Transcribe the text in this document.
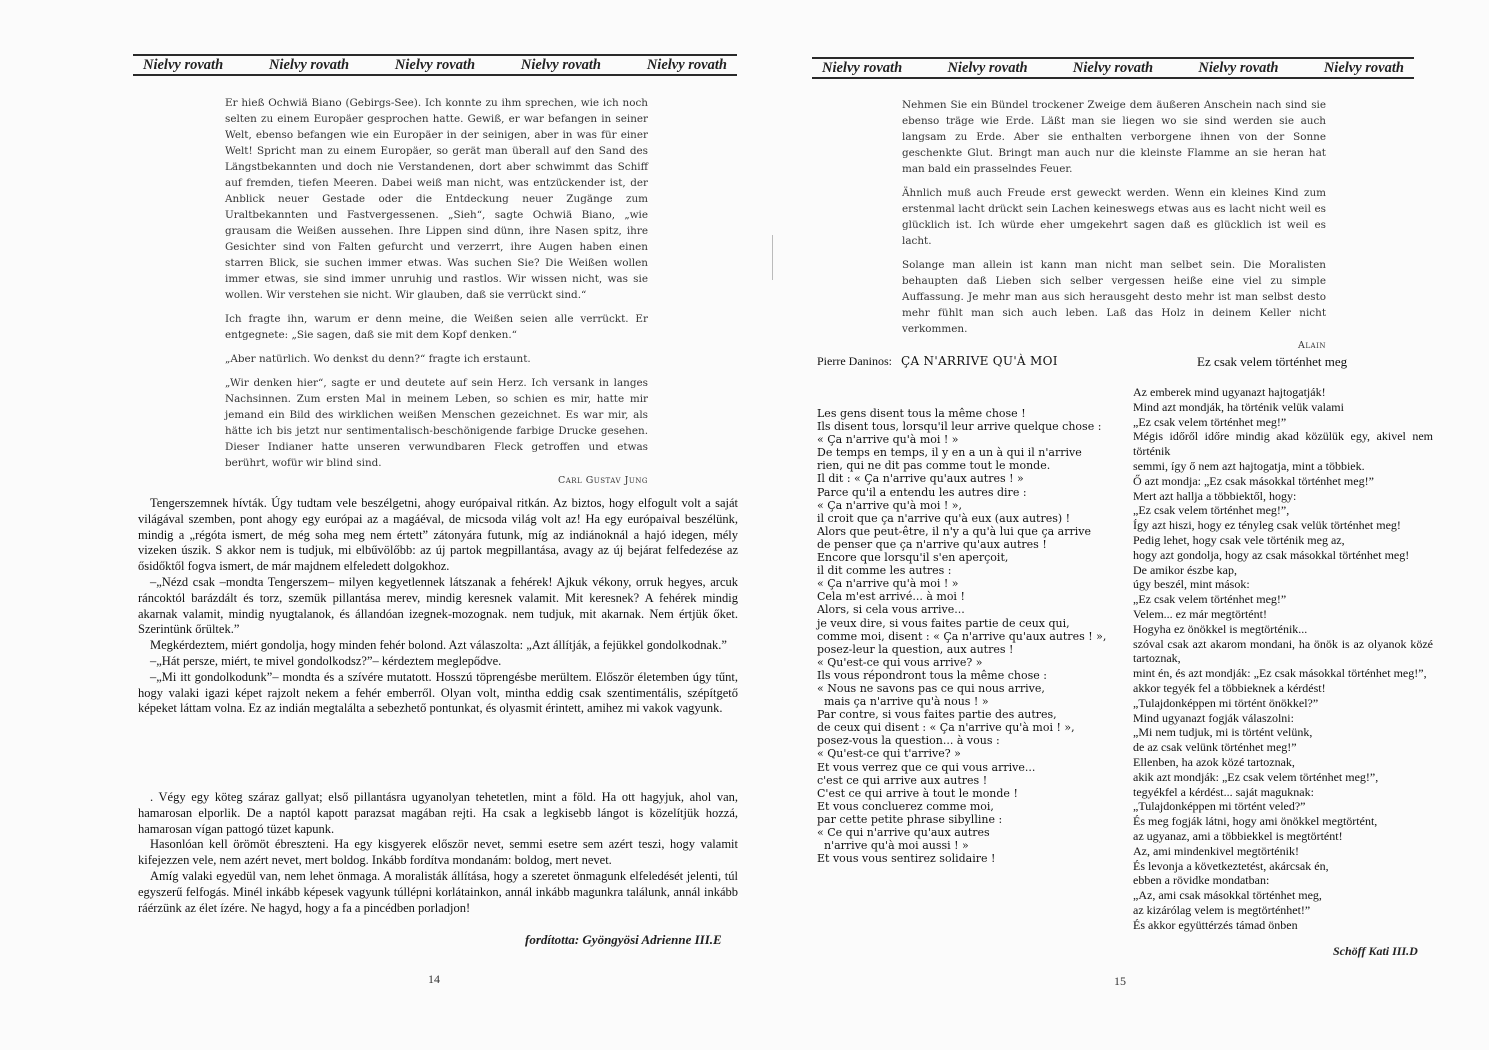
Nielvy rovath	Nielvy rovath	Nielvy rovath	Nielvy rovath	Nielvy rovath

Er hieß Ochwiä Biano (Gebirgs-See). Ich konnte zu ihm sprechen, wie ich noch selten zu einem Europäer gesprochen hatte. Gewiß, er war befangen in seiner Welt, ebenso befangen wie ein Europäer in der seinigen, aber in was für einer Welt! Spricht man zu einem Europäer, so gerät man überall auf den Sand des Längstbekannten und doch nie Verstandenen, dort aber schwimmt das Schiff auf fremden, tiefen Meeren. Dabei weiß man nicht, was entzückender ist, der Anblick neuer Gestade oder die Entdeckung neuer Zugänge zum Uraltbekannten und Fastvergessenen. „Sieh“, sagte Ochwiä Biano, „wie grausam die Weißen aussehen. Ihre Lippen sind dünn, ihre Nasen spitz, ihre Gesichter sind von Falten gefurcht und verzerrt, ihre Augen haben einen starren Blick, sie suchen immer etwas. Was suchen Sie? Die Weißen wollen immer etwas, sie sind immer unruhig und rastlos. Wir wissen nicht, was sie wollen. Wir verstehen sie nicht. Wir glauben, daß sie verrückt sind.“

Ich fragte ihn, warum er denn meine, die Weißen seien alle verrückt. Er entgegnete: „Sie sagen, daß sie mit dem Kopf denken.“

„Aber natürlich. Wo denkst du denn?“ fragte ich erstaunt.

„Wir denken hier“, sagte er und deutete auf sein Herz. Ich versank in langes Nachsinnen. Zum ersten Mal in meinem Leben, so schien es mir, hatte mir jemand ein Bild des wirklichen weißen Menschen gezeichnet. Es war mir, als hätte ich bis jetzt nur sentimentalisch-beschönigende farbige Drucke gesehen. Dieser Indianer hatte unseren verwundbaren Fleck getroffen und etwas berührt, wofür wir blind sind.

Carl Gustav Jung

Tengerszemnek hívták. Úgy tudtam vele beszélgetni, ahogy európaival ritkán. Az biztos, hogy elfogult volt a saját világával szemben, pont ahogy egy európai az a magáéval, de micsoda világ volt az! Ha egy európaival beszélünk, mindig a „régóta ismert, de még soha meg nem értett” zátonyára futunk, míg az indiánoknál a hajó idegen, mély vizeken úszik. S akkor nem is tudjuk, mi elbűvölőbb: az új partok megpillantása, avagy az új bejárat felfedezése az ősidőktől fogva ismert, de már majdnem elfeledett dolgokhoz.

–„Nézd csak –mondta Tengerszem– milyen kegyetlennek látszanak a fehérek! Ajkuk vékony, orruk hegyes, arcuk ráncoktól barázdált és torz, szemük pillantása merev, mindig keresnek valamit. Mit keresnek? A fehérek mindig akarnak valamit, mindig nyugtalanok, és állandóan izegnek-mozognak. nem tudjuk, mit akarnak. Nem értjük őket. Szerintünk őrültek.”

Megkérdeztem, miért gondolja, hogy minden fehér bolond. Azt válaszolta: „Azt állítják, a fejükkel gondolkodnak.”

–„Hát persze, miért, te mivel gondolkodsz?”– kérdeztem meglepődve.

–„Mi itt gondolkodunk”– mondta és a szívére mutatott. Hosszú töprengésbe merültem. Először életemben úgy tűnt, hogy valaki igazi képet rajzolt nekem a fehér emberről. Olyan volt, mintha eddig csak szentimentális, szépítgető képeket láttam volna. Ez az indián megtalálta a sebezhető pontunkat, és olyasmit érintett, amihez mi vakok vagyunk.

. Végy egy köteg száraz gallyat; első pillantásra ugyanolyan tehetetlen, mint a föld. Ha ott hagyjuk, ahol van, hamarosan elporlik. De a naptól kapott parazsat magában rejti. Ha csak a legkisebb lángot is közelítjük hozzá, hamarosan vígan pattogó tüzet kapunk.

Hasonlóan kell örömöt ébreszteni. Ha egy kisgyerek először nevet, semmi esetre sem azért teszi, hogy valamit kifejezzen vele, nem azért nevet, mert boldog. Inkább fordítva mondanám: boldog, mert nevet.

Amíg valaki egyedül van, nem lehet önmaga. A moralisták állítása, hogy a szeretet önmagunk elfeledését jelenti, túl egyszerű felfogás. Minél inkább képesek vagyunk túllépni korlátainkon, annál inkább magunkra találunk, annál inkább ráérzünk az élet ízére. Ne hagyd, hogy a fa a pincédben porladjon!

fordította: Gyöngyösi Adrienne III.E
14
Nielvy rovath	Nielvy rovath	Nielvy rovath	Nielvy rovath	Nielvy rovath

Nehmen Sie ein Bündel trockener Zweige dem äußeren Anschein nach sind sie ebenso träge wie Erde. Läßt man sie liegen wo sie sind werden sie auch langsam zu Erde. Aber sie enthalten verborgene ihnen von der Sonne geschenkte Glut. Bringt man auch nur die kleinste Flamme an sie heran hat man bald ein prasselndes Feuer.

Ähnlich muß auch Freude erst geweckt werden. Wenn ein kleines Kind zum erstenmal lacht drückt sein Lachen keineswegs etwas aus es lacht nicht weil es glücklich ist. Ich würde eher umgekehrt sagen daß es glücklich ist weil es lacht.

Solange man allein ist kann man nicht man selbet sein. Die Moralisten behaupten daß Lieben sich selber vergessen heiße eine viel zu simple Auffassung. Je mehr man aus sich herausgeht desto mehr ist man selbst desto mehr fühlt man sich auch leben. Laß das Holz in deinem Keller nicht verkommen.

Alain
Pierre Daninos: ÇA N'ARRIVE QU'À MOI	Ez csak velem történhet meg
Les gens disent tous la même chose !
Ils disent tous, lorsqu'il leur arrive quelque chose :
« Ça n'arrive qu'à moi ! »
De temps en temps, il y en a un à qui il n'arrive
rien, qui ne dit pas comme tout le monde.
Il dit : « Ça n'arrive qu'aux autres ! »
Parce qu'il a entendu les autres dire :
« Ça n'arrive qu'à moi ! »,
il croit que ça n'arrive qu'à eux (aux autres) !
Alors que peut-être, il n'y a qu'à lui que ça arrive
de penser que ça n'arrive qu'aux autres !
Encore que lorsqu'il s'en aperçoit,
il dit comme les autres :
« Ça n'arrive qu'à moi ! »
Cela m'est arrivé... à moi !
Alors, si cela vous arrive...
je veux dire, si vous faites partie de ceux qui,
comme moi, disent : « Ça n'arrive qu'aux autres ! »,
posez-leur la question, aux autres !
« Qu'est-ce qui vous arrive? »
Ils vous répondront tous la même chose :
« Nous ne savons pas ce qui nous arrive,
mais ça n'arrive qu'à nous ! »
Par contre, si vous faites partie des autres,
de ceux qui disent : « Ça n'arrive qu'à moi ! »,
posez-vous la question... à vous :
« Qu'est-ce qui t'arrive? »
Et vous verrez que ce qui vous arrive...
c'est ce qui arrive aux autres !
C'est ce qui arrive à tout le monde !
Et vous concluerez comme moi,
par cette petite phrase sibylline :
« Ce qui n'arrive qu'aux autres
n'arrive qu'à moi aussi ! »
Et vous vous sentirez solidaire !
Az emberek mind ugyanazt hajtogatják!
Mind azt mondják, ha történik velük valami
„Ez csak velem történhet meg!”
Mégis időről időre mindig akad közülük egy, akivel nem történik
semmi, így ő nem azt hajtogatja, mint a többiek.
Ő azt mondja: „Ez csak másokkal történhet meg!”
Mert azt hallja a többiektől, hogy:
„Ez csak velem történhet meg!”,
Így azt hiszi, hogy ez tényleg csak velük történhet meg!
Pedig lehet, hogy csak vele történik meg az,
hogy azt gondolja, hogy az csak másokkal történhet meg!
De amikor észbe kap,
úgy beszél, mint mások:
„Ez csak velem történhet meg!”
Velem... ez már megtörtént!
Hogyha ez önökkel is megtörténik...
szóval csak azt akarom mondani, ha önök is az olyanok közé tartoznak,
mint én, és azt mondják: „Ez csak másokkal történhet meg!”,
akkor tegyék fel a többieknek a kérdést!
„Tulajdonképpen mi történt önökkel?”
Mind ugyanazt fogják válaszolni:
„Mi nem tudjuk, mi is történt velünk,
de az csak velünk történhet meg!”
Ellenben, ha azok közé tartoznak,
akik azt mondják: „Ez csak velem történhet meg!”,
tegyékfel a kérdést... saját maguknak:
„Tulajdonképpen mi történt veled?”
És meg fogják látni, hogy ami önökkel megtörtént,
az ugyanaz, ami a többiekkel is megtörtént!
Az, ami mindenkivel megtörténik!
És levonja a következtetést, akárcsak én,
ebben a rövidke mondatban:
„Az, ami csak másokkal történhet meg,
az kizárólag velem is megtörténhet!”
És akkor együttérzés támad önben
Schöff Kati III.D
15
